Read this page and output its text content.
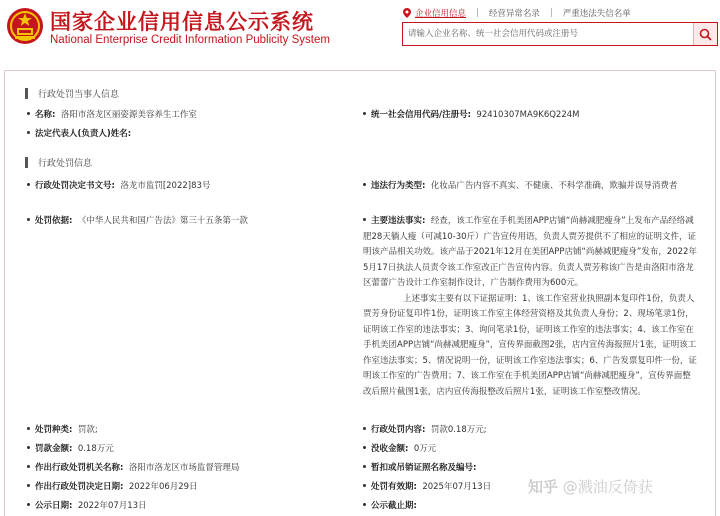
国家企业信用信息公示系统
National Enterprise Credit Information Publicity System
企业信用信息 | 经营异常名录 | 严重违法失信名单
请输入企业名称、统一社会信用代码或注册号
行政处罚当事人信息
名称: 洛阳市洛龙区丽姿源美容养生工作室	统一社会信用代码/注册号: 92410307MA9K6Q224M
法定代表人(负责人)姓名:
行政处罚信息
行政处罚决定书文号: 洛龙市监罚[2022]83号	违法行为类型: 化妆品广告内容不真实、不健康、不科学准确，欺骗并误导消费者
处罚依据: 《中华人民共和国广告法》第三十五条第一款	主要违法事实: 经查，该工作室在手机美团APP店铺“尚赫减肥瘦身”上发布产品经络减肥28天躺人瘦（可减10-30斤）广告宣传用语，负责人贾芳提供不了相应的证明文件，证明该产品相关功效。该产品于2021年12月在美团APP店铺“尚赫减肥瘦身”发布，2022年5月17日执法人员责令该工作室改正广告宣传内容。负责人贾芳称该广告是由洛阳市洛龙区蕾蕾广告设计工作室制作设计，广告制作费用为600元。
上述事实主要有以下证据证明：1、该工作室营业执照副本复印件1份，负责人贾芳身份证复印件1份，证明该工作室主体经营资格及其负责人身份；2、现场笔录1份，证明该工作室的违法事实；3、询问笔录1份，证明该工作室的违法事实；4、该工作室在手机美团APP店铺“尚赫减肥瘦身”，宣传界面截图2张，店内宣传海报照片1张，证明该工作室违法事实；5、情况说明一份，证明该工作室违法事实；6、广告发票复印件一份，证明该工作室的广告费用；7、该工作室在手机美团APP店铺“尚赫减肥瘦身”，宣传界面整改后照片截图1张，店内宣传海报整改后照片1张，证明该工作室整改情况。
处罚种类: 罚款;	行政处罚内容: 罚款0.18万元;
罚款金额: 0.18万元	没收金额: 0万元
作出行政处罚机关名称: 洛阳市洛龙区市场监督管理局	暂扣或吊销证照名称及编号:
作出行政处罚决定日期: 2022年06月29日	处罚有效期: 2025年07月13日
公示日期: 2022年07月13日	公示截止期:
知乎 @溅油反倚获
